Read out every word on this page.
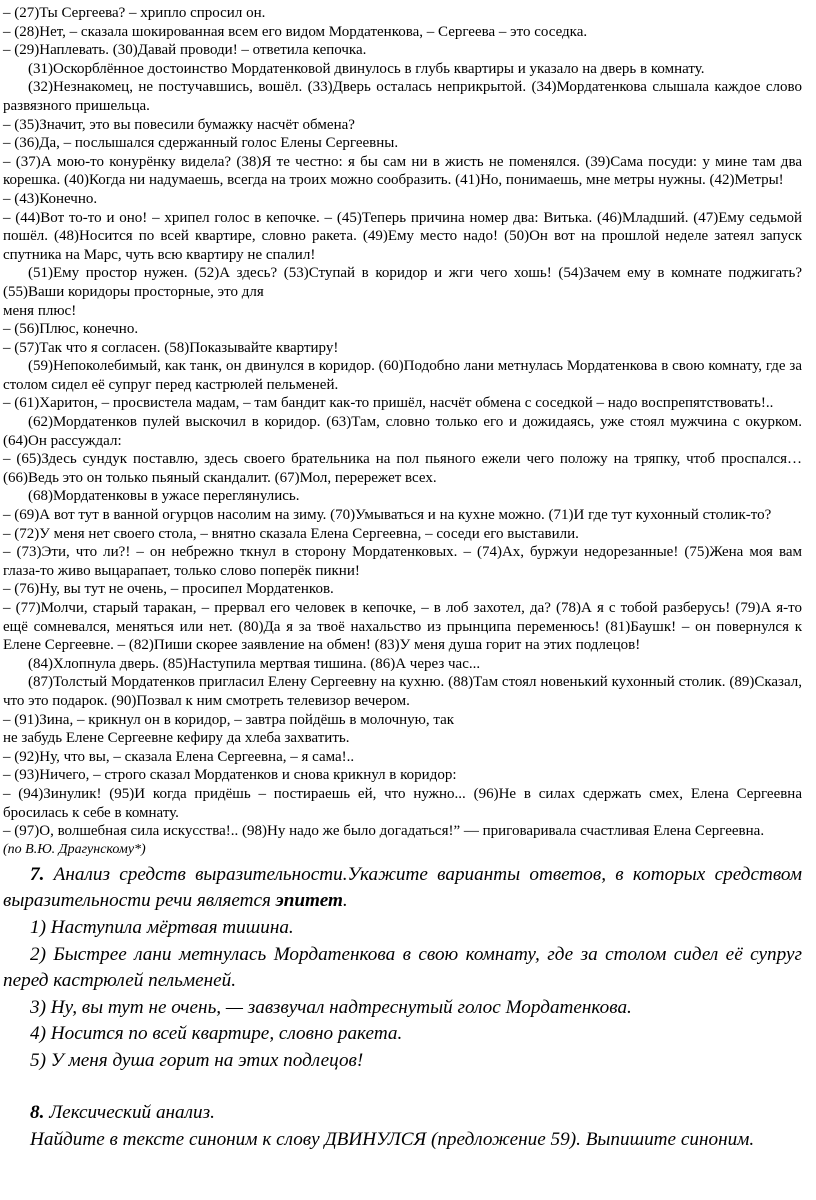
– (27)Ты Сергеева? – хрипло спросил он.

– (28)Нет, – сказала шокированная всем его видом Мордатенкова, – Сергеева – это соседка.

– (29)Наплевать. (30)Давай проводи! – ответила кепочка.

(31)Оскорблённое достоинство Мордатенковой двинулось в глубь квартиры и указало на дверь в комнату.

(32)Незнакомец, не постучавшись, вошёл. (33)Дверь осталась неприкрытой. (34)Мордатенкова слышала каждое слово развязного пришельца.

– (35)Значит, это вы повесили бумажку насчёт обмена?

– (36)Да, – послышался сдержанный голос Елены Сергеевны.

– (37)А мою-то конурёнку видела? (38)Я те честно: я бы сам ни в жисть не поменялся. (39)Сама посуди: у мине там два корешка. (40)Когда ни надумаешь, всегда на троих можно сообразить. (41)Но, понимаешь, мне метры нужны. (42)Метры!

– (43)Конечно.

– (44)Вот то-то и оно! – хрипел голос в кепочке. – (45)Теперь причина номер два: Витька. (46)Младший. (47)Ему седьмой пошёл. (48)Носится по всей квартире, словно ракета. (49)Ему место надо! (50)Он вот на прошлой неделе затеял запуск спутника на Марс, чуть всю квартиру не спалил!

(51)Ему простор нужен. (52)А здесь? (53)Ступай в коридор и жги чего хошь! (54)Зачем ему в комнате поджигать? (55)Ваши коридоры просторные, это для

меня плюс!

– (56)Плюс, конечно.

– (57)Так что я согласен. (58)Показывайте квартиру!

(59)Непоколебимый, как танк, он двинулся в коридор. (60)Подобно лани метнулась Мордатенкова в свою комнату, где за столом сидел её супруг перед кастрюлей пельменей.

– (61)Харитон, – просвистела мадам, – там бандит как-то пришёл, насчёт обмена с соседкой – надо воспрепятствовать!..

(62)Мордатенков пулей выскочил в коридор. (63)Там, словно только его и дожидаясь, уже стоял мужчина с окурком. (64)Он рассуждал:

– (65)Здесь сундук поставлю, здесь своего брательника на пол пьяного ежели чего положу на тряпку, чтоб проспался…(66)Ведь это он только пьяный скандалит. (67)Мол, перережет всех.

(68)Мордатенковы в ужасе переглянулись.

– (69)А вот тут в ванной огурцов насолим на зиму. (70)Умываться и на кухне можно. (71)И где тут кухонный столик-то?

– (72)У меня нет своего стола, – внятно сказала Елена Сергеевна, – соседи его выставили.

– (73)Эти, что ли?! – он небрежно ткнул в сторону Мордатенковых. – (74)Ах, буржуи недорезанные! (75)Жена моя вам глаза-то живо выцарапает, только слово поперёк пикни!

– (76)Ну, вы тут не очень, – просипел Мордатенков.

– (77)Молчи, старый таракан, – прервал его человек в кепочке, – в лоб захотел, да? (78)А я с тобой разберусь! (79)А я-то ещё сомневался, меняться или нет. (80)Да я за твоё нахальство из прынципа переменюсь! (81)Баушк! – он повернулся к Елене Сергеевне. – (82)Пиши скорее заявление на обмен! (83)У меня душа горит на этих подлецов!

(84)Хлопнула дверь. (85)Наступила мертвая тишина. (86)А через час...

(87)Толстый Мордатенков пригласил Елену Сергеевну на кухню. (88)Там стоял новенький кухонный столик. (89)Сказал, что это подарок. (90)Позвал к ним смотреть телевизор вечером.

– (91)Зина, – крикнул он в коридор, – завтра пойдёшь в молочную, так

не забудь Елене Сергеевне кефиру да хлеба захватить.

– (92)Ну, что вы, – сказала Елена Сергеевна, – я сама!..

– (93)Ничего, – строго сказал Мордатенков и снова крикнул в коридор:

– (94)Зинулик! (95)И когда придёшь – постираешь ей, что нужно... (96)Не в силах сдержать смех, Елена Сергеевна бросилась к себе в комнату.

– (97)О, волшебная сила искусства!.. (98)Ну надо же было догадаться!” — приговаривала счастливая Елена Сергеевна.

(по В.Ю. Драгунскому*)

7. Анализ средств выразительности.Укажите варианты ответов, в которых средством выразительности речи является эпитет.

1) Наступила мёртвая тишина.

2) Быстрее лани метнулась Мордатенкова в свою комнату, где за столом сидел её супруг перед кастрюлей пельменей.

3) Ну, вы тут не очень, — завзвучал надтреснутый голос Мордатенкова.

4) Носится по всей квартире, словно ракета.

5) У меня душа горит на этих подлецов!

8. Лексический анализ.

Найдите в тексте синоним к слову ДВИНУЛСЯ (предложение 59). Выпишите синоним.
